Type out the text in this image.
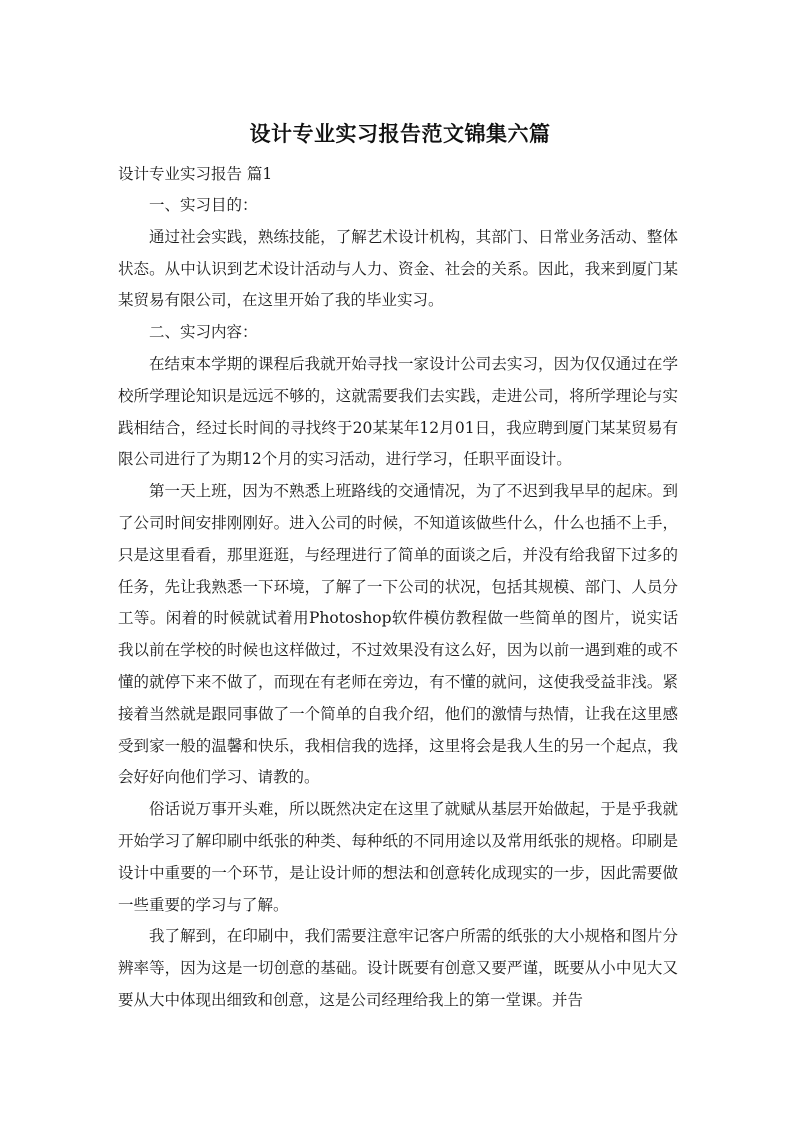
设计专业实习报告范文锦集六篇

设计专业实习报告 篇1

一、实习目的：

通过社会实践，熟练技能，了解艺术设计机构，其部门、日常业务活动、整体状态。从中认识到艺术设计活动与人力、资金、社会的关系。因此，我来到厦门某某贸易有限公司，在这里开始了我的毕业实习。

二、实习内容：

在结束本学期的课程后我就开始寻找一家设计公司去实习，因为仅仅通过在学校所学理论知识是远远不够的，这就需要我们去实践，走进公司，将所学理论与实践相结合，经过长时间的寻找终于20某某年12月01日，我应聘到厦门某某贸易有限公司进行了为期12个月的实习活动，进行学习，任职平面设计。

第一天上班，因为不熟悉上班路线的交通情况，为了不迟到我早早的起床。到了公司时间安排刚刚好。进入公司的时候，不知道该做些什么，什么也插不上手，只是这里看看，那里逛逛，与经理进行了简单的面谈之后，并没有给我留下过多的任务，先让我熟悉一下环境，了解了一下公司的状况，包括其规模、部门、人员分工等。闲着的时候就试着用Photoshop软件模仿教程做一些简单的图片，说实话我以前在学校的时候也这样做过，不过效果没有这么好，因为以前一遇到难的或不懂的就停下来不做了，而现在有老师在旁边，有不懂的就问，这使我受益非浅。紧接着当然就是跟同事做了一个简单的自我介绍，他们的激情与热情，让我在这里感受到家一般的温馨和快乐，我相信我的选择，这里将会是我人生的另一个起点，我会好好向他们学习、请教的。

俗话说万事开头难，所以既然决定在这里了就赋从基层开始做起，于是乎我就开始学习了解印刷中纸张的种类、每种纸的不同用途以及常用纸张的规格。印刷是设计中重要的一个环节，是让设计师的想法和创意转化成现实的一步，因此需要做一些重要的学习与了解。

我了解到，在印刷中，我们需要注意牢记客户所需的纸张的大小规格和图片分辨率等，因为这是一切创意的基础。设计既要有创意又要严谨，既要从小中见大又要从大中体现出细致和创意，这是公司经理给我上的第一堂课。并告
